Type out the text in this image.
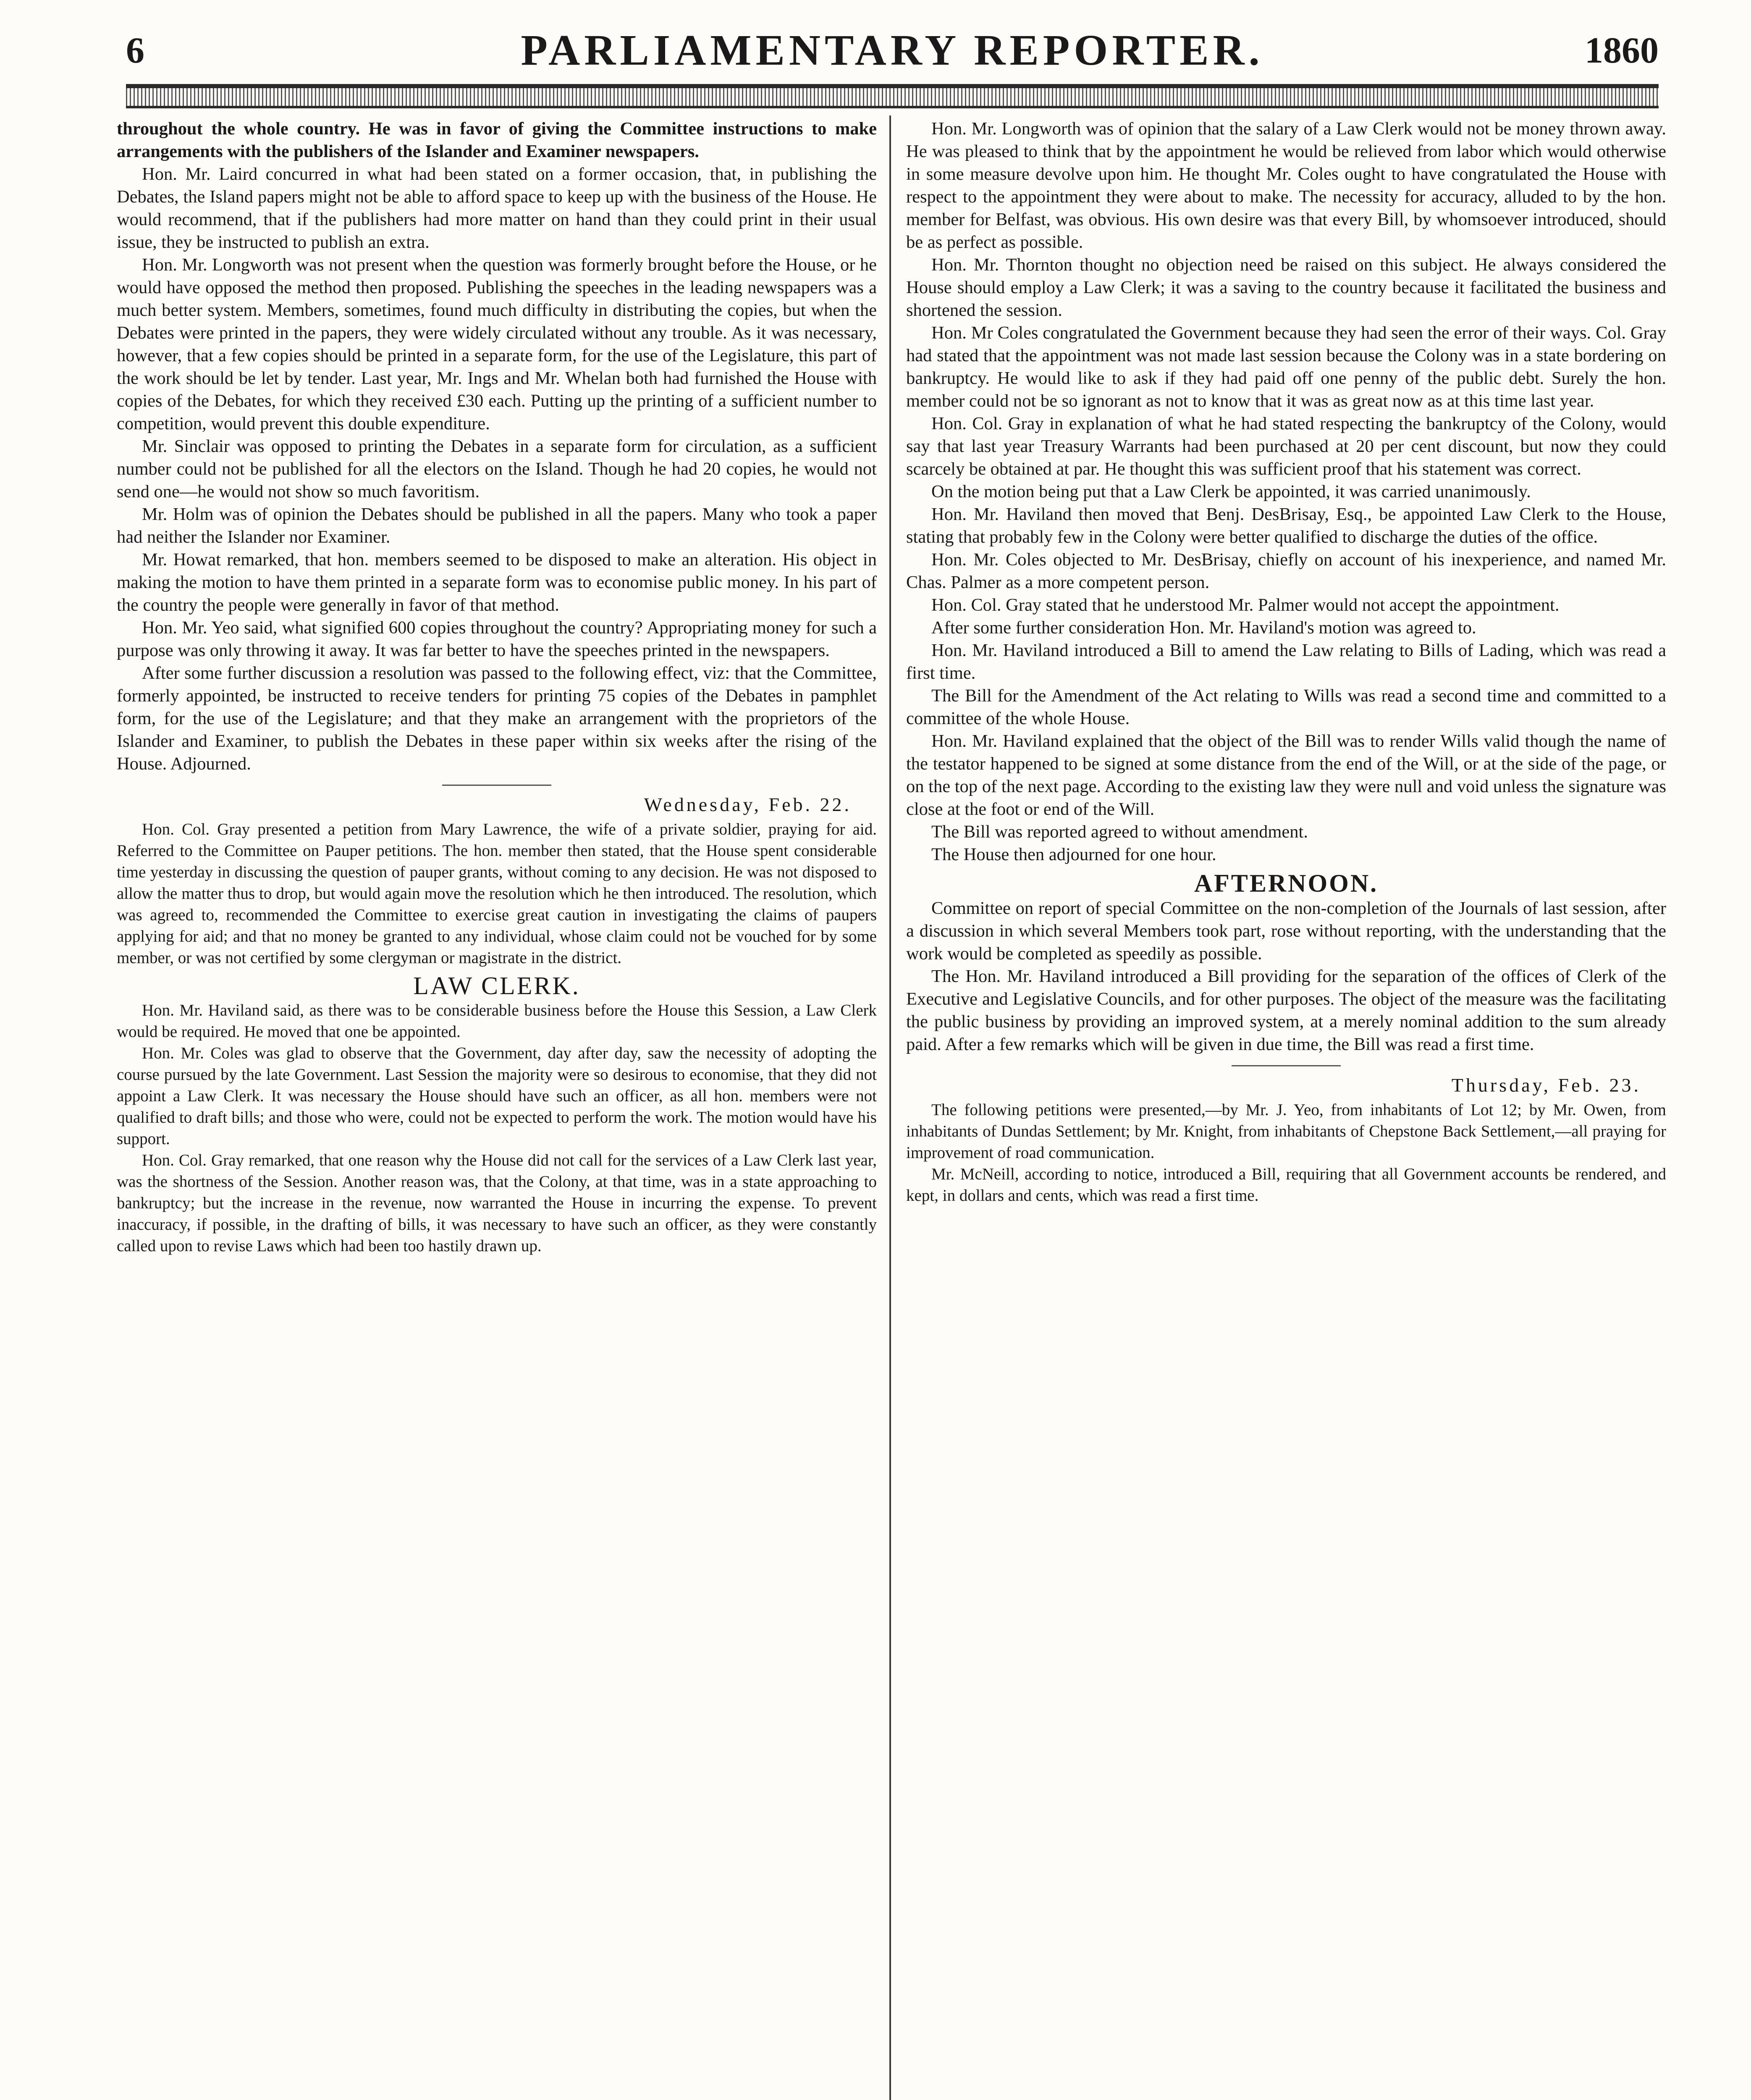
6	PARLIAMENTARY REPORTER.	1860

throughout the whole country. He was in favor of giving the Committee instructions to make arrangements with the publishers of the Islander and Examiner newspapers.

Hon. Mr. Laird concurred in what had been stated on a former occasion, that, in publishing the Debates, the Island papers might not be able to afford space to keep up with the business of the House. He would recommend, that if the publishers had more matter on hand than they could print in their usual issue, they be instructed to publish an extra.

Hon. Mr. Longworth was not present when the question was formerly brought before the House, or he would have opposed the method then proposed. Publishing the speeches in the leading newspapers was a much better system. Members, sometimes, found much difficulty in distributing the copies, but when the Debates were printed in the papers, they were widely circulated without any trouble. As it was necessary, however, that a few copies should be printed in a separate form, for the use of the Legislature, this part of the work should be let by tender. Last year, Mr. Ings and Mr. Whelan both had furnished the House with copies of the Debates, for which they received £30 each. Putting up the printing of a sufficient number to competition, would prevent this double expenditure.

Mr. Sinclair was opposed to printing the Debates in a separate form for circulation, as a sufficient number could not be published for all the electors on the Island. Though he had 20 copies, he would not send one—he would not show so much favoritism.

Mr. Holm was of opinion the Debates should be published in all the papers. Many who took a paper had neither the Islander nor Examiner.

Mr. Howat remarked, that hon. members seemed to be disposed to make an alteration. His object in making the motion to have them printed in a separate form was to economise public money. In his part of the country the people were generally in favor of that method.

Hon. Mr. Yeo said, what signified 600 copies throughout the country? Appropriating money for such a purpose was only throwing it away. It was far better to have the speeches printed in the newspapers.

After some further discussion a resolution was passed to the following effect, viz: that the Committee, formerly appointed, be instructed to receive tenders for printing 75 copies of the Debates in pamphlet form, for the use of the Legislature; and that they make an arrangement with the proprietors of the Islander and Examiner, to publish the Debates in these paper within six weeks after the rising of the House. Adjourned.

Wednesday, Feb. 22.

Hon. Col. Gray presented a petition from Mary Lawrence, the wife of a private soldier, praying for aid. Referred to the Committee on Pauper petitions. The hon. member then stated, that the House spent considerable time yesterday in discussing the question of pauper grants, without coming to any decision. He was not disposed to allow the matter thus to drop, but would again move the resolution which he then introduced. The resolution, which was agreed to, recommended the Committee to exercise great caution in investigating the claims of paupers applying for aid; and that no money be granted to any individual, whose claim could not be vouched for by some member, or was not certified by some clergyman or magistrate in the district.

LAW CLERK.

Hon. Mr. Haviland said, as there was to be considerable business before the House this Session, a Law Clerk would be required. He moved that one be appointed.

Hon. Mr. Coles was glad to observe that the Government, day after day, saw the necessity of adopting the course pursued by the late Government. Last Session the majority were so desirous to economise, that they did not appoint a Law Clerk. It was necessary the House should have such an officer, as all hon. members were not qualified to draft bills; and those who were, could not be expected to perform the work. The motion would have his support.

Hon. Col. Gray remarked, that one reason why the House did not call for the services of a Law Clerk last year, was the shortness of the Session. Another reason was, that the Colony, at that time, was in a state approaching to bankruptcy; but the increase in the revenue, now warranted the House in incurring the expense. To prevent inaccuracy, if possible, in the drafting of bills, it was necessary to have such an officer, as they were constantly called upon to revise Laws which had been too hastily drawn up.

Hon. Mr. Longworth was of opinion that the salary of a Law Clerk would not be money thrown away. He was pleased to think that by the appointment he would be relieved from labor which would otherwise in some measure devolve upon him. He thought Mr. Coles ought to have congratulated the House with respect to the appointment they were about to make. The necessity for accuracy, alluded to by the hon. member for Belfast, was obvious. His own desire was that every Bill, by whomsoever introduced, should be as perfect as possible.

Hon. Mr. Thornton thought no objection need be raised on this subject. He always considered the House should employ a Law Clerk; it was a saving to the country because it facilitated the business and shortened the session.

Hon. Mr Coles congratulated the Government because they had seen the error of their ways. Col. Gray had stated that the appointment was not made last session because the Colony was in a state bordering on bankruptcy. He would like to ask if they had paid off one penny of the public debt. Surely the hon. member could not be so ignorant as not to know that it was as great now as at this time last year.

Hon. Col. Gray in explanation of what he had stated respecting the bankruptcy of the Colony, would say that last year Treasury Warrants had been purchased at 20 per cent discount, but now they could scarcely be obtained at par. He thought this was sufficient proof that his statement was correct.

On the motion being put that a Law Clerk be appointed, it was carried unanimously.

Hon. Mr. Haviland then moved that Benj. DesBrisay, Esq., be appointed Law Clerk to the House, stating that probably few in the Colony were better qualified to discharge the duties of the office.

Hon. Mr. Coles objected to Mr. DesBrisay, chiefly on account of his inexperience, and named Mr. Chas. Palmer as a more competent person.

Hon. Col. Gray stated that he understood Mr. Palmer would not accept the appointment.

After some further consideration Hon. Mr. Haviland's motion was agreed to.

Hon. Mr. Haviland introduced a Bill to amend the Law relating to Bills of Lading, which was read a first time.

The Bill for the Amendment of the Act relating to Wills was read a second time and committed to a committee of the whole House.

Hon. Mr. Haviland explained that the object of the Bill was to render Wills valid though the name of the testator happened to be signed at some distance from the end of the Will, or at the side of the page, or on the top of the next page. According to the existing law they were null and void unless the signature was close at the foot or end of the Will.

The Bill was reported agreed to without amendment.

The House then adjourned for one hour.

AFTERNOON.

Committee on report of special Committee on the non-completion of the Journals of last session, after a discussion in which several Members took part, rose without reporting, with the understanding that the work would be completed as speedily as possible.

The Hon. Mr. Haviland introduced a Bill providing for the separation of the offices of Clerk of the Executive and Legislative Councils, and for other purposes. The object of the measure was the facilitating the public business by providing an improved system, at a merely nominal addition to the sum already paid. After a few remarks which will be given in due time, the Bill was read a first time.

Thursday, Feb. 23.

The following petitions were presented,—by Mr. J. Yeo, from inhabitants of Lot 12; by Mr. Owen, from inhabitants of Dundas Settlement; by Mr. Knight, from inhabitants of Chepstone Back Settlement,—all praying for improvement of road communication.

Mr. McNeill, according to notice, introduced a Bill, requiring that all Government accounts be rendered, and kept, in dollars and cents, which was read a first time.
